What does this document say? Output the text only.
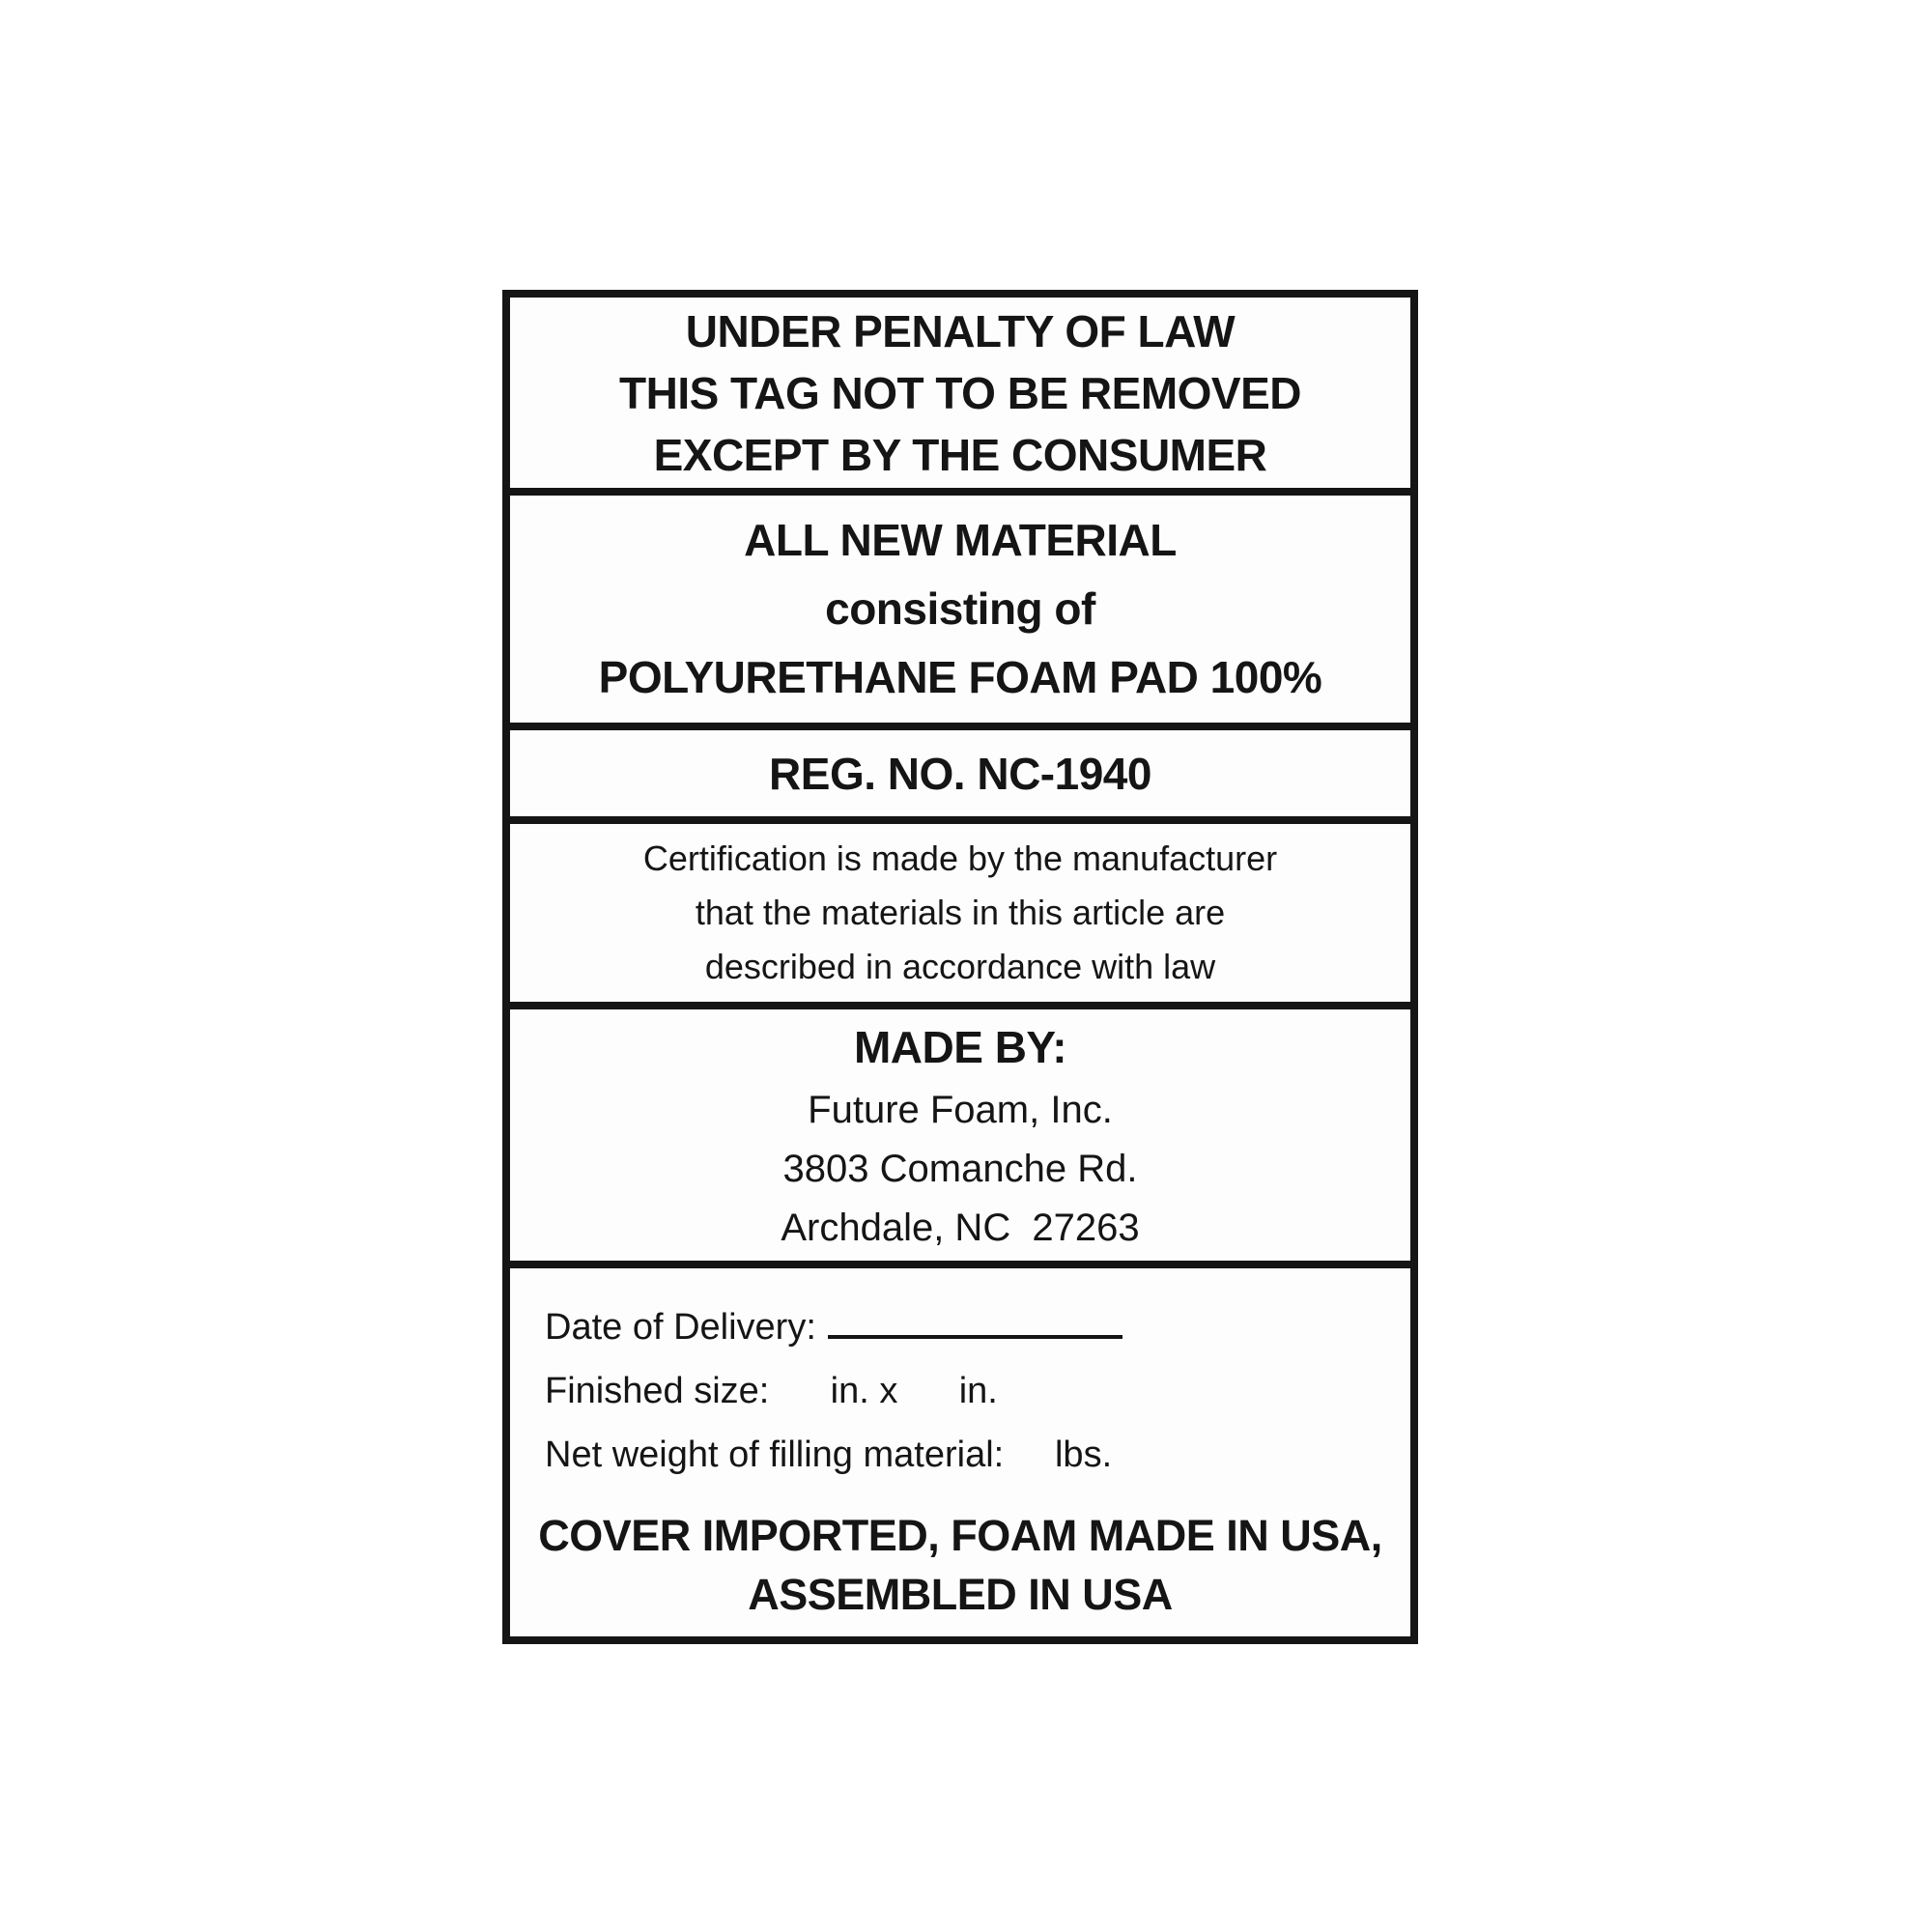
UNDER PENALTY OF LAW
THIS TAG NOT TO BE REMOVED
EXCEPT BY THE CONSUMER
ALL NEW MATERIAL
consisting of
POLYURETHANE FOAM PAD 100%
REG. NO. NC-1940
Certification is made by the manufacturer
that the materials in this article are
described in accordance with law
MADE BY:
Future Foam, Inc.
3803 Comanche Rd.
Archdale, NC  27263
Date of Delivery:
Finished size:      in. x      in.
Net weight of filling material:     lbs.
COVER IMPORTED, FOAM MADE IN USA,
ASSEMBLED IN USA
